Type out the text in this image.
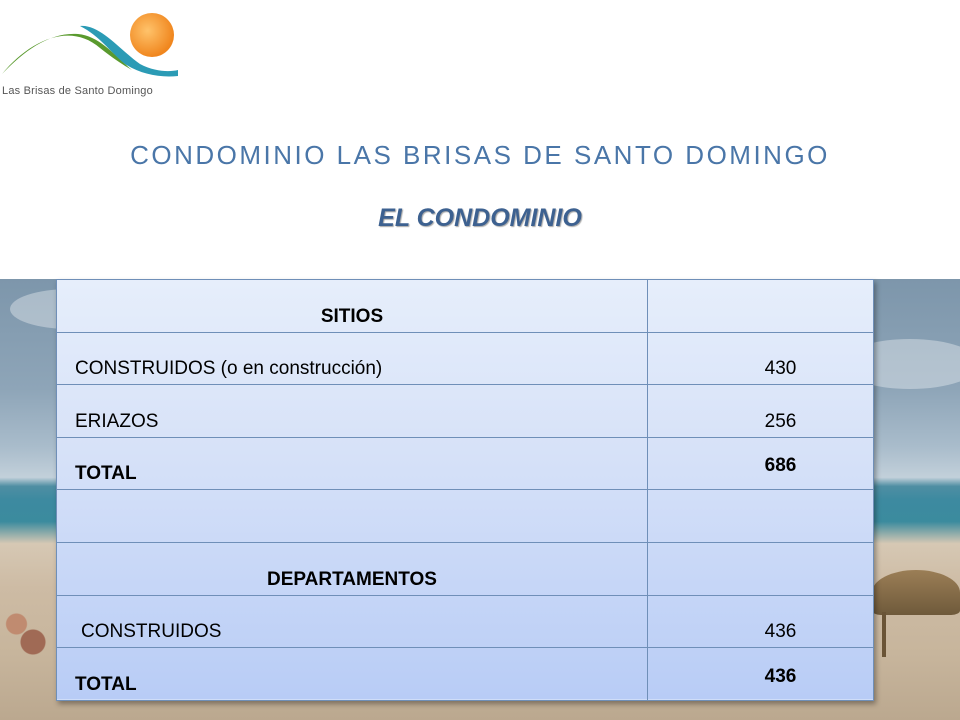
Las Brisas de Santo Domingo
CONDOMINIO LAS BRISAS DE SANTO DOMINGO
EL CONDOMINIO
SITIOS	
CONSTRUIDOS (o en construcción)	430
ERIAZOS	256
TOTAL	686

DEPARTAMENTOS	
CONSTRUIDOS	436
TOTAL	436
